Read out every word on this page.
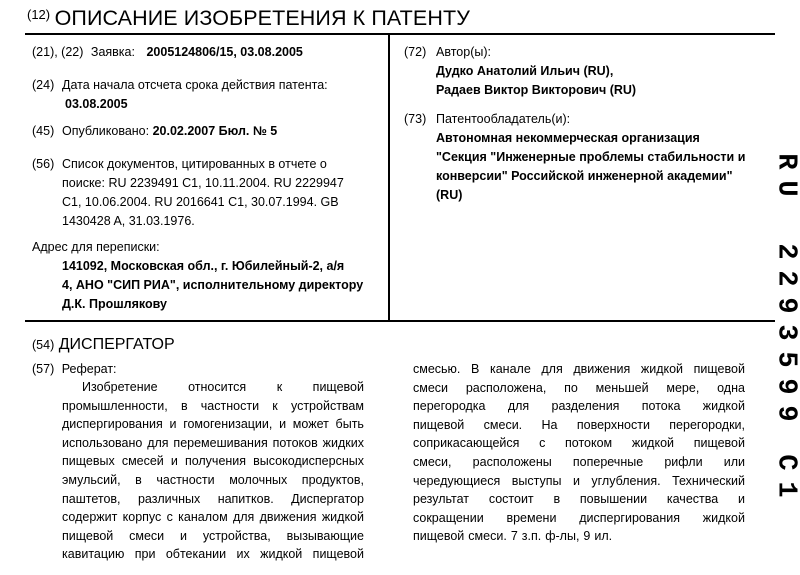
$^{(12)}$ ОПИСАНИЕ ИЗОБРЕТЕНИЯ К ПАТЕНТУ
(21), (22) Заявка: 2005124806/15, 03.08.2005
(24) Дата начала отсчета срока действия патента:
03.08.2005
(45) Опубликовано: 20.02.2007 Бюл. № 5
(56) Список документов, цитированных в отчете о
поиске: RU 2239491 C1, 10.11.2004. RU 2229947
C1, 10.06.2004. RU 2016641 C1, 30.07.1994. GB
1430428 A, 31.03.1976.
Адрес для переписки:
141092, Московская обл., г. Юбилейный-2, а/я
4, АНО "СИП РИА", исполнительному директору
Д.К. Прошлякову
(72) Автор(ы):
Дудко Анатолий Ильич (RU),
Радаев Виктор Викторович (RU)
(73) Патентообладатель(и):
Автономная некоммерческая организация
"Секция "Инженерные проблемы стабильности и
конверсии" Российской инженерной академии"
(RU)
(54) ДИСПЕРГАТОР
(57) Реферат:
Изобретение относится к пищевой
промышленности, в частности к устройствам
диспергирования и гомогенизации, и может быть
использовано для перемешивания потоков жидких
пищевых смесей и получения высокодисперсных
эмульсий, в частности молочных продуктов,
паштетов, различных напитков. Диспергатор
содержит корпус с каналом для движения жидкой
пищевой смеси и устройства, вызывающие
кавитацию при обтекании их жидкой пищевой
смесью. В канале для движения жидкой пищевой
смеси расположена, по меньшей мере, одна
перегородка для разделения потока жидкой
пищевой смеси. На поверхности перегородки,
соприкасающейся с потоком жидкой пищевой
смеси, расположены поперечные рифли или
чередующиеся выступы и углубления. Технический
результат состоит в повышении качества и
сокращении времени диспергирования жидкой
пищевой смеси. 7 з.п. ф-лы, 9 ил.
R
U
2
2
9
3
5
9
9
C
1
